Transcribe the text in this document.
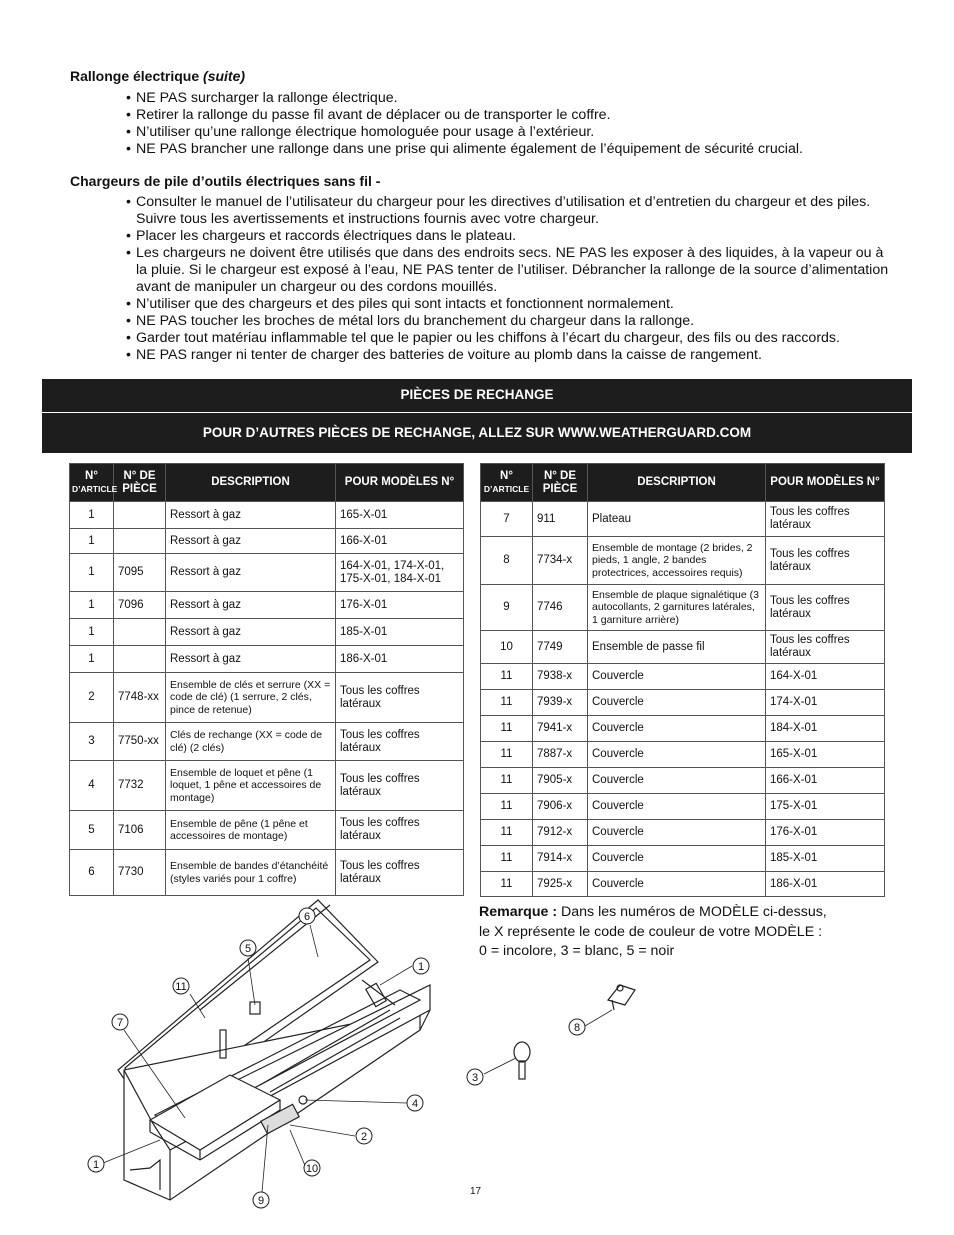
Rallonge électrique (suite)
• NE PAS surcharger la rallonge électrique.
• Retirer la rallonge du passe fil avant de déplacer ou de transporter le coffre.
• N’utiliser qu’une rallonge électrique homologuée pour usage à l’extérieur.
• NE PAS brancher une rallonge dans une prise qui alimente également de l’équipement de sécurité crucial.
Chargeurs de pile d’outils électriques sans fil -
• Consulter le manuel de l’utilisateur du chargeur pour les directives d’utilisation et d’entretien du chargeur et des piles. Suivre tous les avertissements et instructions fournis avec votre chargeur.
• Placer les chargeurs et raccords électriques dans le plateau.
• Les chargeurs ne doivent être utilisés que dans des endroits secs. NE PAS les exposer à des liquides, à la vapeur ou à la pluie. Si le chargeur est exposé à l’eau, NE PAS tenter de l’utiliser. Débrancher la rallonge de la source d’alimentation avant de manipuler un chargeur ou des cordons mouillés.
• N’utiliser que des chargeurs et des piles qui sont intacts et fonctionnent normalement.
• NE PAS toucher les broches de métal lors du branchement du chargeur dans la rallonge.
• Garder tout matériau inflammable tel que le papier ou les chiffons à l’écart du chargeur, des fils ou des raccords.
• NE PAS ranger ni tenter de charger des batteries de voiture au plomb dans la caisse de rangement.
PIÈCES DE RECHANGE
POUR D’AUTRES PIÈCES DE RECHANGE, ALLEZ SUR WWW.WEATHERGUARD.COM
N°
D’ARTICLE	N° DE PIÈCE	DESCRIPTION	POUR MODÈLES N°
1		Ressort à gaz	165-X-01
1		Ressort à gaz	166-X-01
1	7095	Ressort à gaz	164-X-01, 174-X-01, 175-X-01, 184-X-01
1	7096	Ressort à gaz	176-X-01
1		Ressort à gaz	185-X-01
1		Ressort à gaz	186-X-01
2	7748-xx	Ensemble de clés et serrure (XX = code de clé) (1 serrure, 2 clés, pince de retenue)	Tous les coffres latéraux
3	7750-xx	Clés de rechange (XX = code de clé) (2 clés)	Tous les coffres latéraux
4	7732	Ensemble de loquet et pêne (1 loquet, 1 pêne et accessoires de montage)	Tous les coffres latéraux
5	7106	Ensemble de pêne (1 pêne et accessoires de montage)	Tous les coffres latéraux
6	7730	Ensemble de bandes d’étanchéité (styles variés pour 1 coffre)	Tous les coffres latéraux
N°
D’ARTICLE	N° DE PIÈCE	DESCRIPTION	POUR MODÈLES N°
7	911	Plateau	Tous les coffres latéraux
8	7734-x	Ensemble de montage (2 brides, 2 pieds, 1 angle, 2 bandes protectrices, accessoires requis)	Tous les coffres latéraux
9	7746	Ensemble de plaque signalétique (3 autocollants, 2 garnitures latérales, 1 garniture arrière)	Tous les coffres latéraux
10	7749	Ensemble de passe fil	Tous les coffres latéraux
11	7938-x	Couvercle	164-X-01
11	7939-x	Couvercle	174-X-01
11	7941-x	Couvercle	184-X-01
11	7887-x	Couvercle	165-X-01
11	7905-x	Couvercle	166-X-01
11	7906-x	Couvercle	175-X-01
11	7912-x	Couvercle	176-X-01
11	7914-x	Couvercle	185-X-01
11	7925-x	Couvercle	186-X-01
Remarque : Dans les numéros de MODÈLE ci-dessus,
le X représente le code de couleur de votre MODÈLE :
0 = incolore, 3 = blanc, 5 = noir
6
5
11
1
7
4
2
1	10
9
8
3
17
